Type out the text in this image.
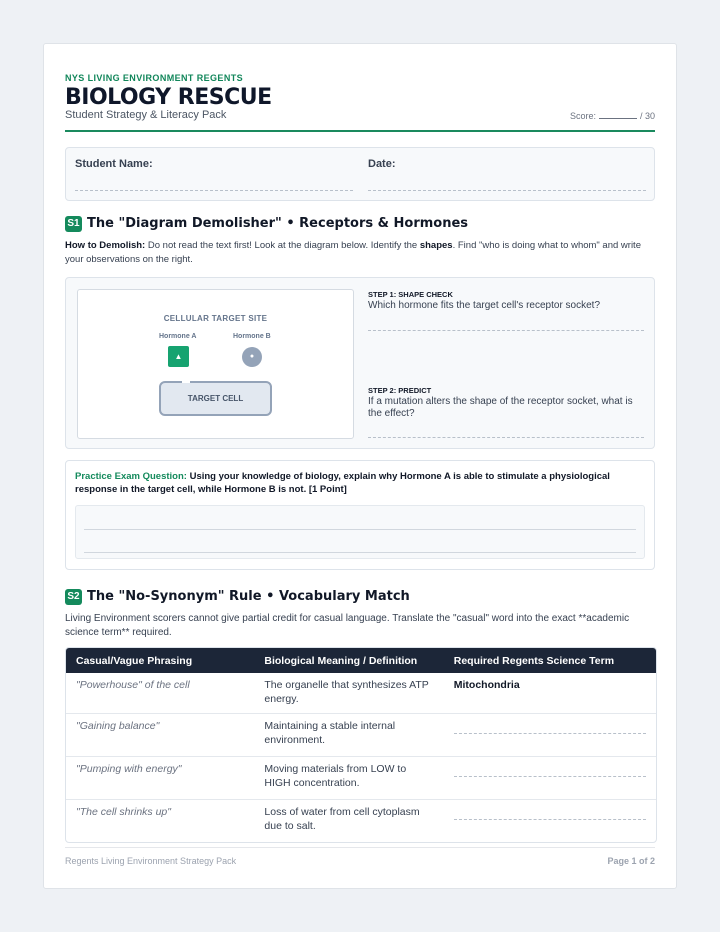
NYS LIVING ENVIRONMENT REGENTS
BIOLOGY RESCUE
Student Strategy & Literacy Pack	Score:	/ 30
Student Name:	Date:
S1 The "Diagram Demolisher" • Receptors & Hormones
How to Demolish: Do not read the text first! Look at the diagram below. Identify the shapes. Find "who is doing what to whom" and write your observations on the right.
CELLULAR TARGET SITE
Hormone A	Hormone B
▲	●
TARGET CELL
STEP 1: SHAPE CHECK
Which hormone fits the target cell's receptor socket?
STEP 2: PREDICT
If a mutation alters the shape of the receptor socket, what is the effect?
Practice Exam Question: Using your knowledge of biology, explain why Hormone A is able to stimulate a physiological response in the target cell, while Hormone B is not. [1 Point]
S2 The "No-Synonym" Rule • Vocabulary Match
Living Environment scorers cannot give partial credit for casual language. Translate the "casual" word into the exact **academic science term** required.
Casual/Vague Phrasing	Biological Meaning / Definition	Required Regents Science Term
"Powerhouse" of the cell	The organelle that synthesizes ATP energy.	Mitochondria
"Gaining balance"	Maintaining a stable internal environment.	

"Pumping with energy"	Moving materials from LOW to HIGH concentration.	

"The cell shrinks up"	Loss of water from cell cytoplasm due to salt.	
Regents Living Environment Strategy Pack	Page 1 of 2
